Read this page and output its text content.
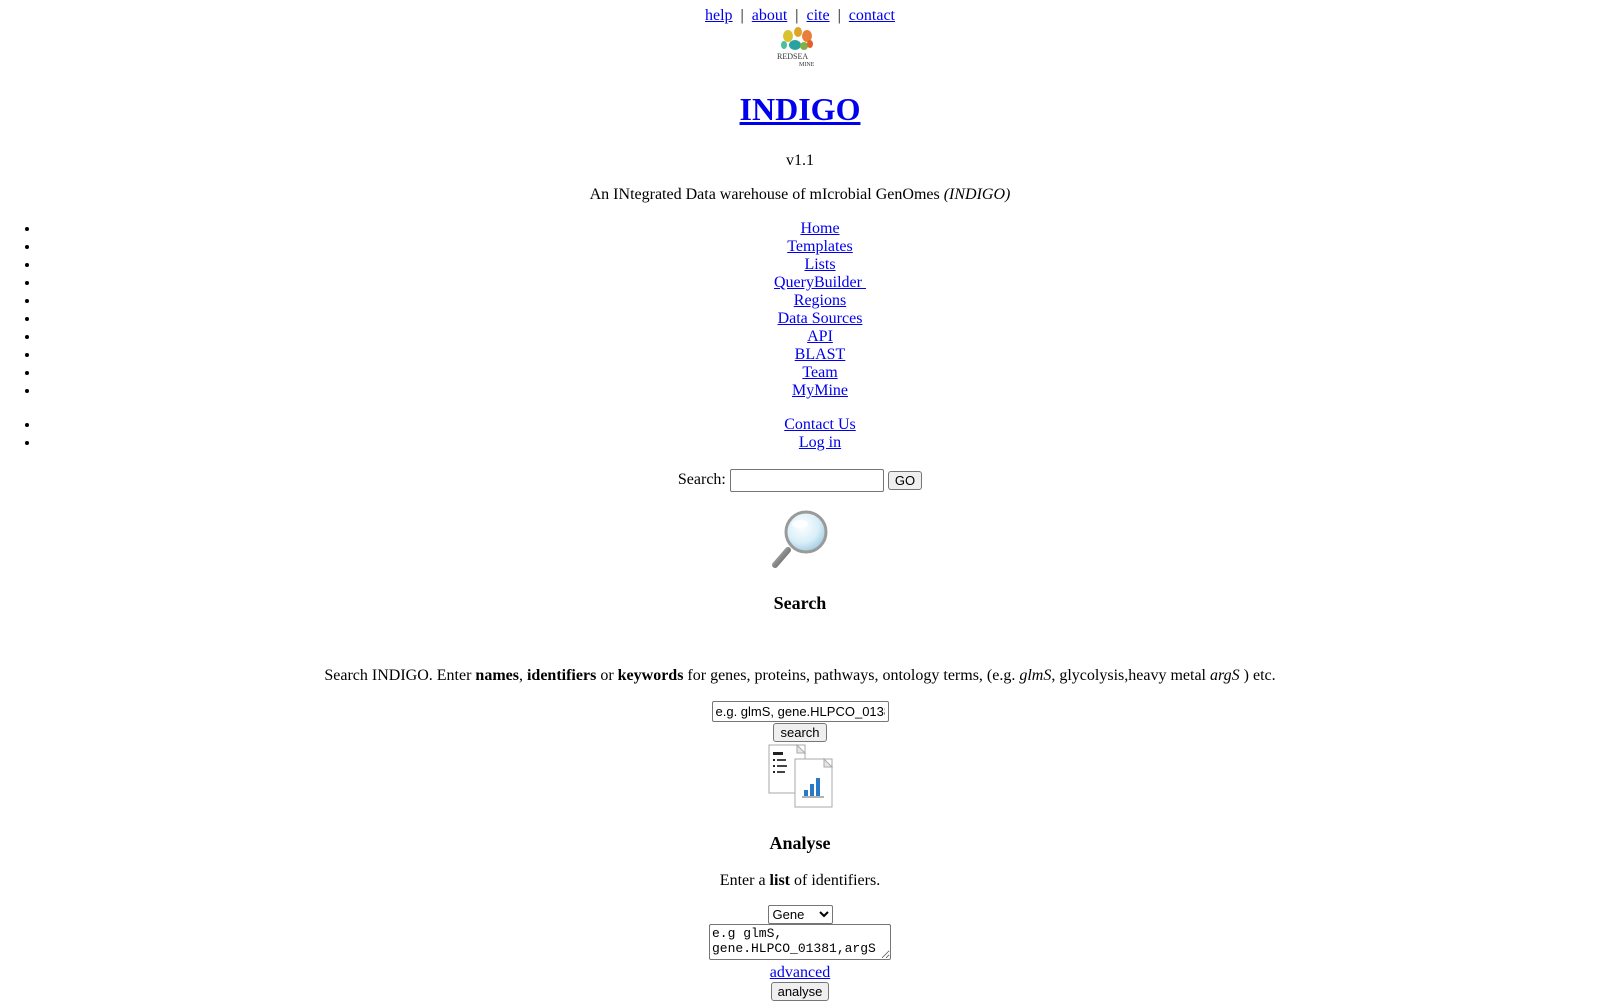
help | about | cite | contact
REDSEA
MINE
INDIGO
v1.1
An INtegrated Data warehouse of mIcrobial GenOmes (INDIGO)
• Home
• Templates
• Lists
• QueryBuilder
• Regions
• Data Sources
• API
• BLAST
• Team
• MyMine
• Contact Us
• Log in
Search:	GO
Search
Search INDIGO. Enter names, identifiers or keywords for genes, proteins, pathways, ontology terms, (e.g. glmS, glycolysis,heavy metal argS ) etc.
e.g. glmS, gene.HLPCO_01381
search
Analyse
Enter a list of identifiers.
Gene
e.g glmS, gene.HLPCO_01381,argS
advanced
analyse
